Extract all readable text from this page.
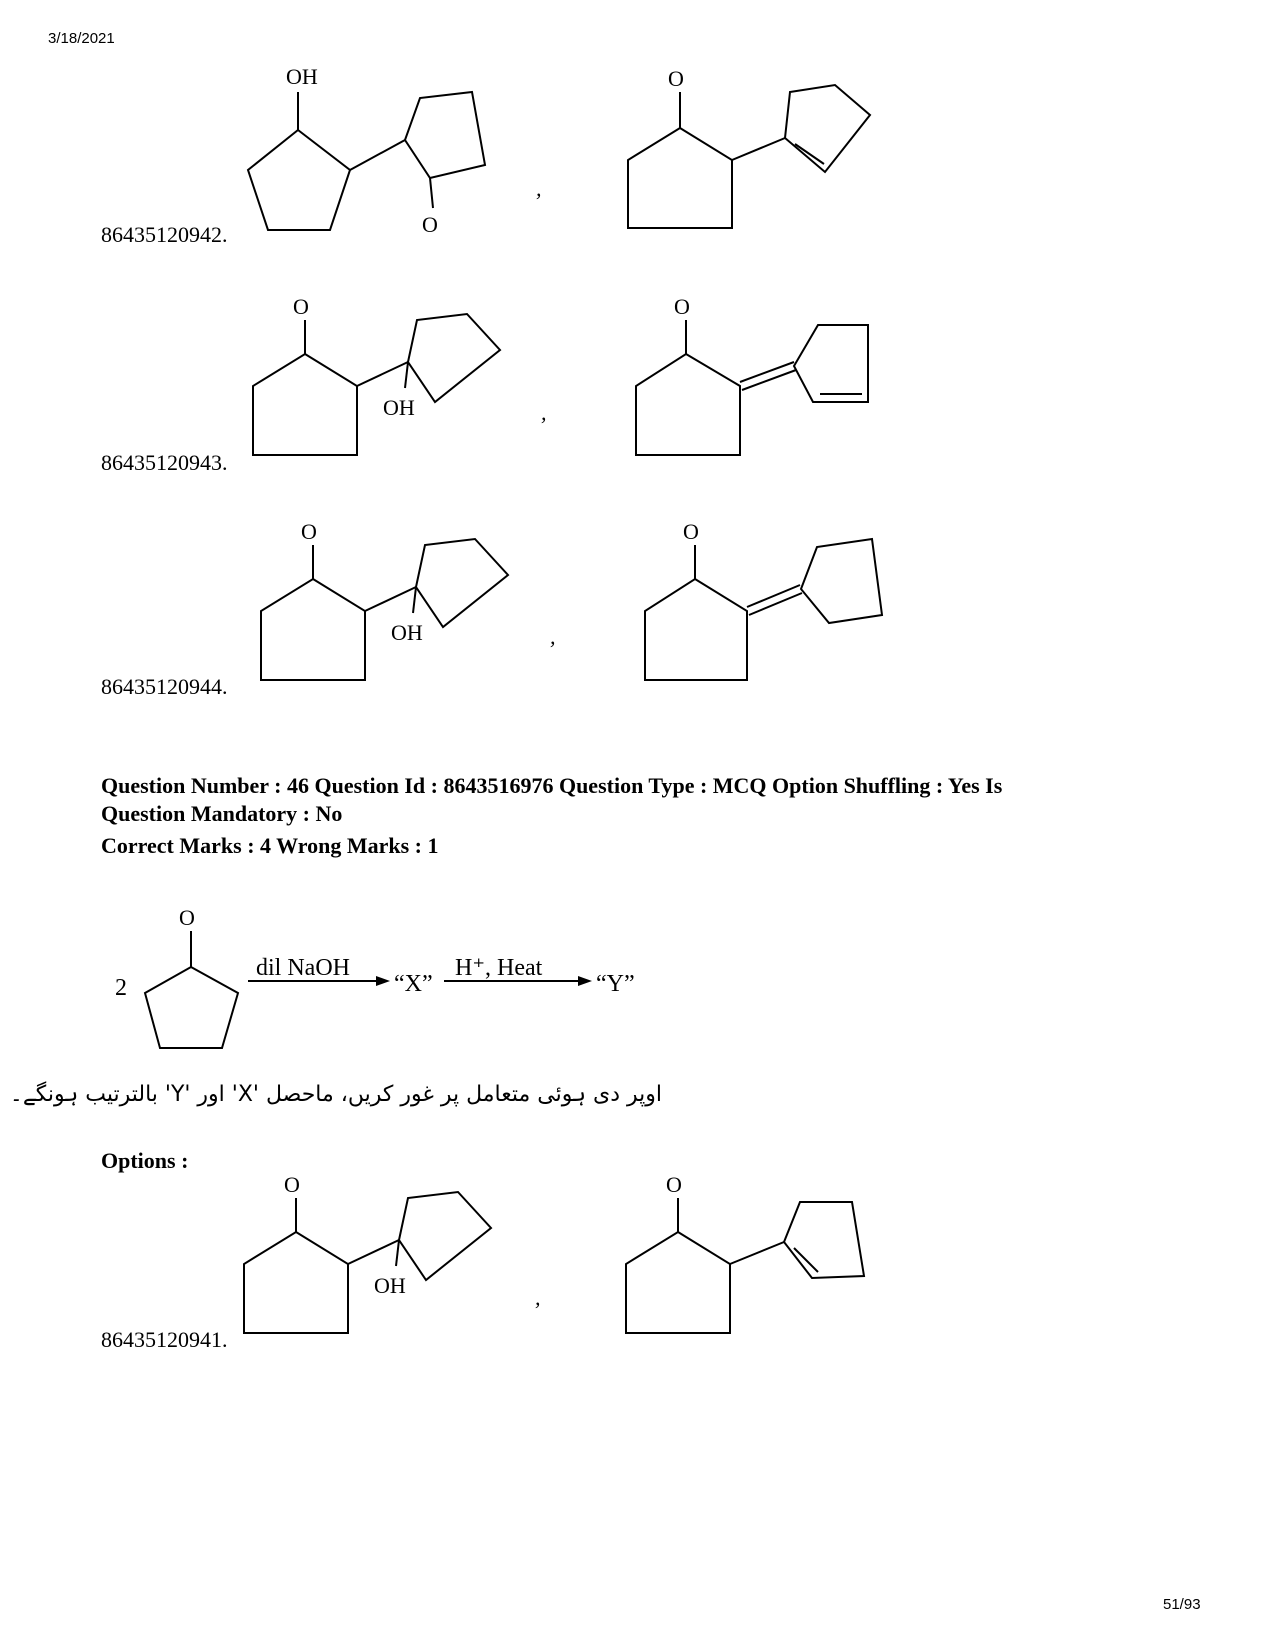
3/18/2021
OH
O
,
O
86435120942.
O
OH	,
O
86435120943.
O
OH	,
O
86435120944.
Question Number : 46 Question Id : 8643516976 Question Type : MCQ Option Shuffling : Yes Is
Question Mandatory : No
Correct Marks : 4 Wrong Marks : 1
2
O
dil NaOH
“X”
H⁺, Heat
“Y”
اوپر دی ہوئی متعامل پر غور کریں، ماحصل 'X' اور 'Y' بالترتیب ہونگے۔
Options :
O
OH	,
O
86435120941.
51/93
